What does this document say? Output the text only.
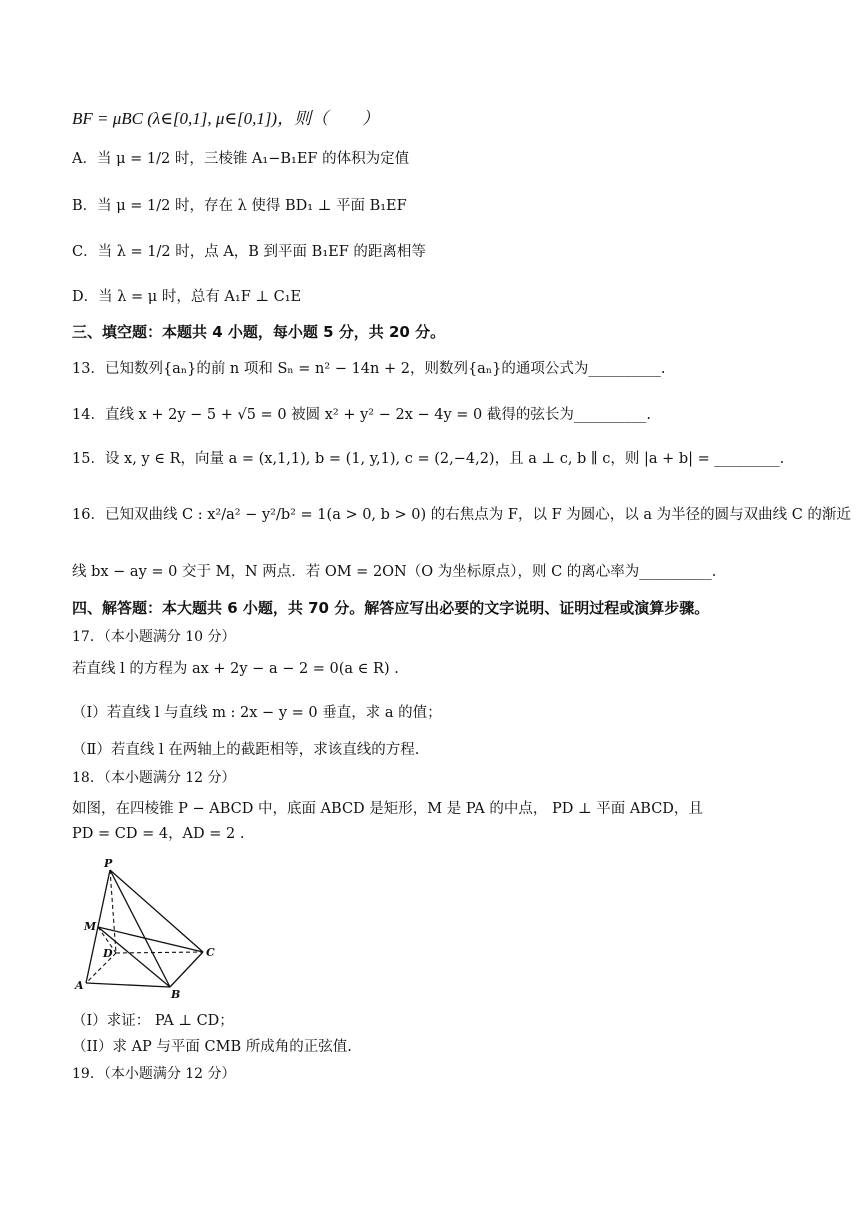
BF = μBC (λ∈[0,1], μ∈[0,1])，则（　　）
A．当 μ = 1/2 时，三棱锥 A₁−B₁EF 的体积为定值
B．当 μ = 1/2 时，存在 λ 使得 BD₁ ⊥ 平面 B₁EF
C．当 λ = 1/2 时，点 A，B 到平面 B₁EF 的距离相等
D．当 λ = μ 时，总有 A₁F ⊥ C₁E
三、填空题：本题共 4 小题，每小题 5 分，共 20 分。
13．已知数列{aₙ}的前 n 项和 Sₙ = n² − 14n + 2，则数列{aₙ}的通项公式为__________.
14．直线 x + 2y − 5 + √5 = 0 被圆 x² + y² − 2x − 4y = 0 截得的弦长为__________.
15．设 x, y ∈ R，向量 a = (x,1,1), b = (1, y,1), c = (2,−4,2)，且 a ⊥ c, b ∥ c，则 |a + b| = _________.
16．已知双曲线 C : x²/a² − y²/b² = 1(a > 0, b > 0) 的右焦点为 F，以 F 为圆心，以 a 为半径的圆与双曲线 C 的渐近
线 bx − ay = 0 交于 M，N 两点．若 OM = 2ON（O 为坐标原点），则 C 的离心率为__________.
四、解答题：本大题共 6 小题，共 70 分。解答应写出必要的文字说明、证明过程或演算步骤。
17．（本小题满分 10 分）
若直线 l 的方程为 ax + 2y − a − 2 = 0(a ∈ R) .
（I）若直线 l 与直线 m : 2x − y = 0 垂直，求 a 的值；
（Ⅱ）若直线 l 在两轴上的截距相等，求该直线的方程.
18．（本小题满分 12 分）
如图，在四棱锥 P − ABCD 中，底面 ABCD 是矩形，M 是 PA 的中点， PD ⊥ 平面 ABCD，且
PD = CD = 4，AD = 2 .
（I）求证： PA ⊥ CD；
（II）求 AP 与平面 CMB 所成角的正弦值.
19．（本小题满分 12 分）
P
M
D	C
A
B
